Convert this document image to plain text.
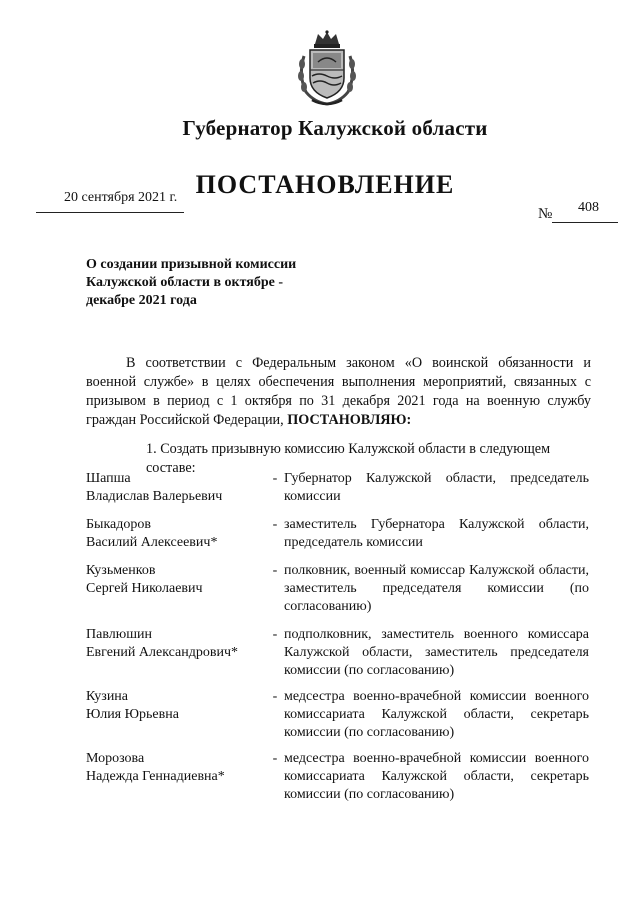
Губернатор Калужской области
ПОСТАНОВЛЕНИЕ
20 сентября 2021 г.
№ 408
О создании призывной комиссии Калужской области в октябре - декабре 2021 года
В соответствии с Федеральным законом «О воинской обязанности и военной службе» в целях обеспечения выполнения мероприятий, связанных с призывом в период с 1 октября по 31 декабря 2021 года на военную службу граждан Российской Федерации, ПОСТАНОВЛЯЮ:
1. Создать призывную комиссию Калужской области в следующем составе:
Шапша
Владислав Валерьевич
- Губернатор Калужской области, председатель комиссии
Быкадоров
Василий Алексеевич*
- заместитель Губернатора Калужской области, председатель комиссии
Кузьменков
Сергей Николаевич
- полковник, военный комиссар Калужской области, заместитель председателя комиссии (по согласованию)
Павлюшин
Евгений Александрович*
- подполковник, заместитель военного комиссара Калужской области, заместитель председателя комиссии (по согласованию)
Кузина
Юлия Юрьевна
- медсестра военно-врачебной комиссии военного комиссариата Калужской области, секретарь комиссии (по согласованию)
Морозова
Надежда Геннадиевна*
- медсестра военно-врачебной комиссии военного комиссариата Калужской области, секретарь комиссии (по согласованию)
